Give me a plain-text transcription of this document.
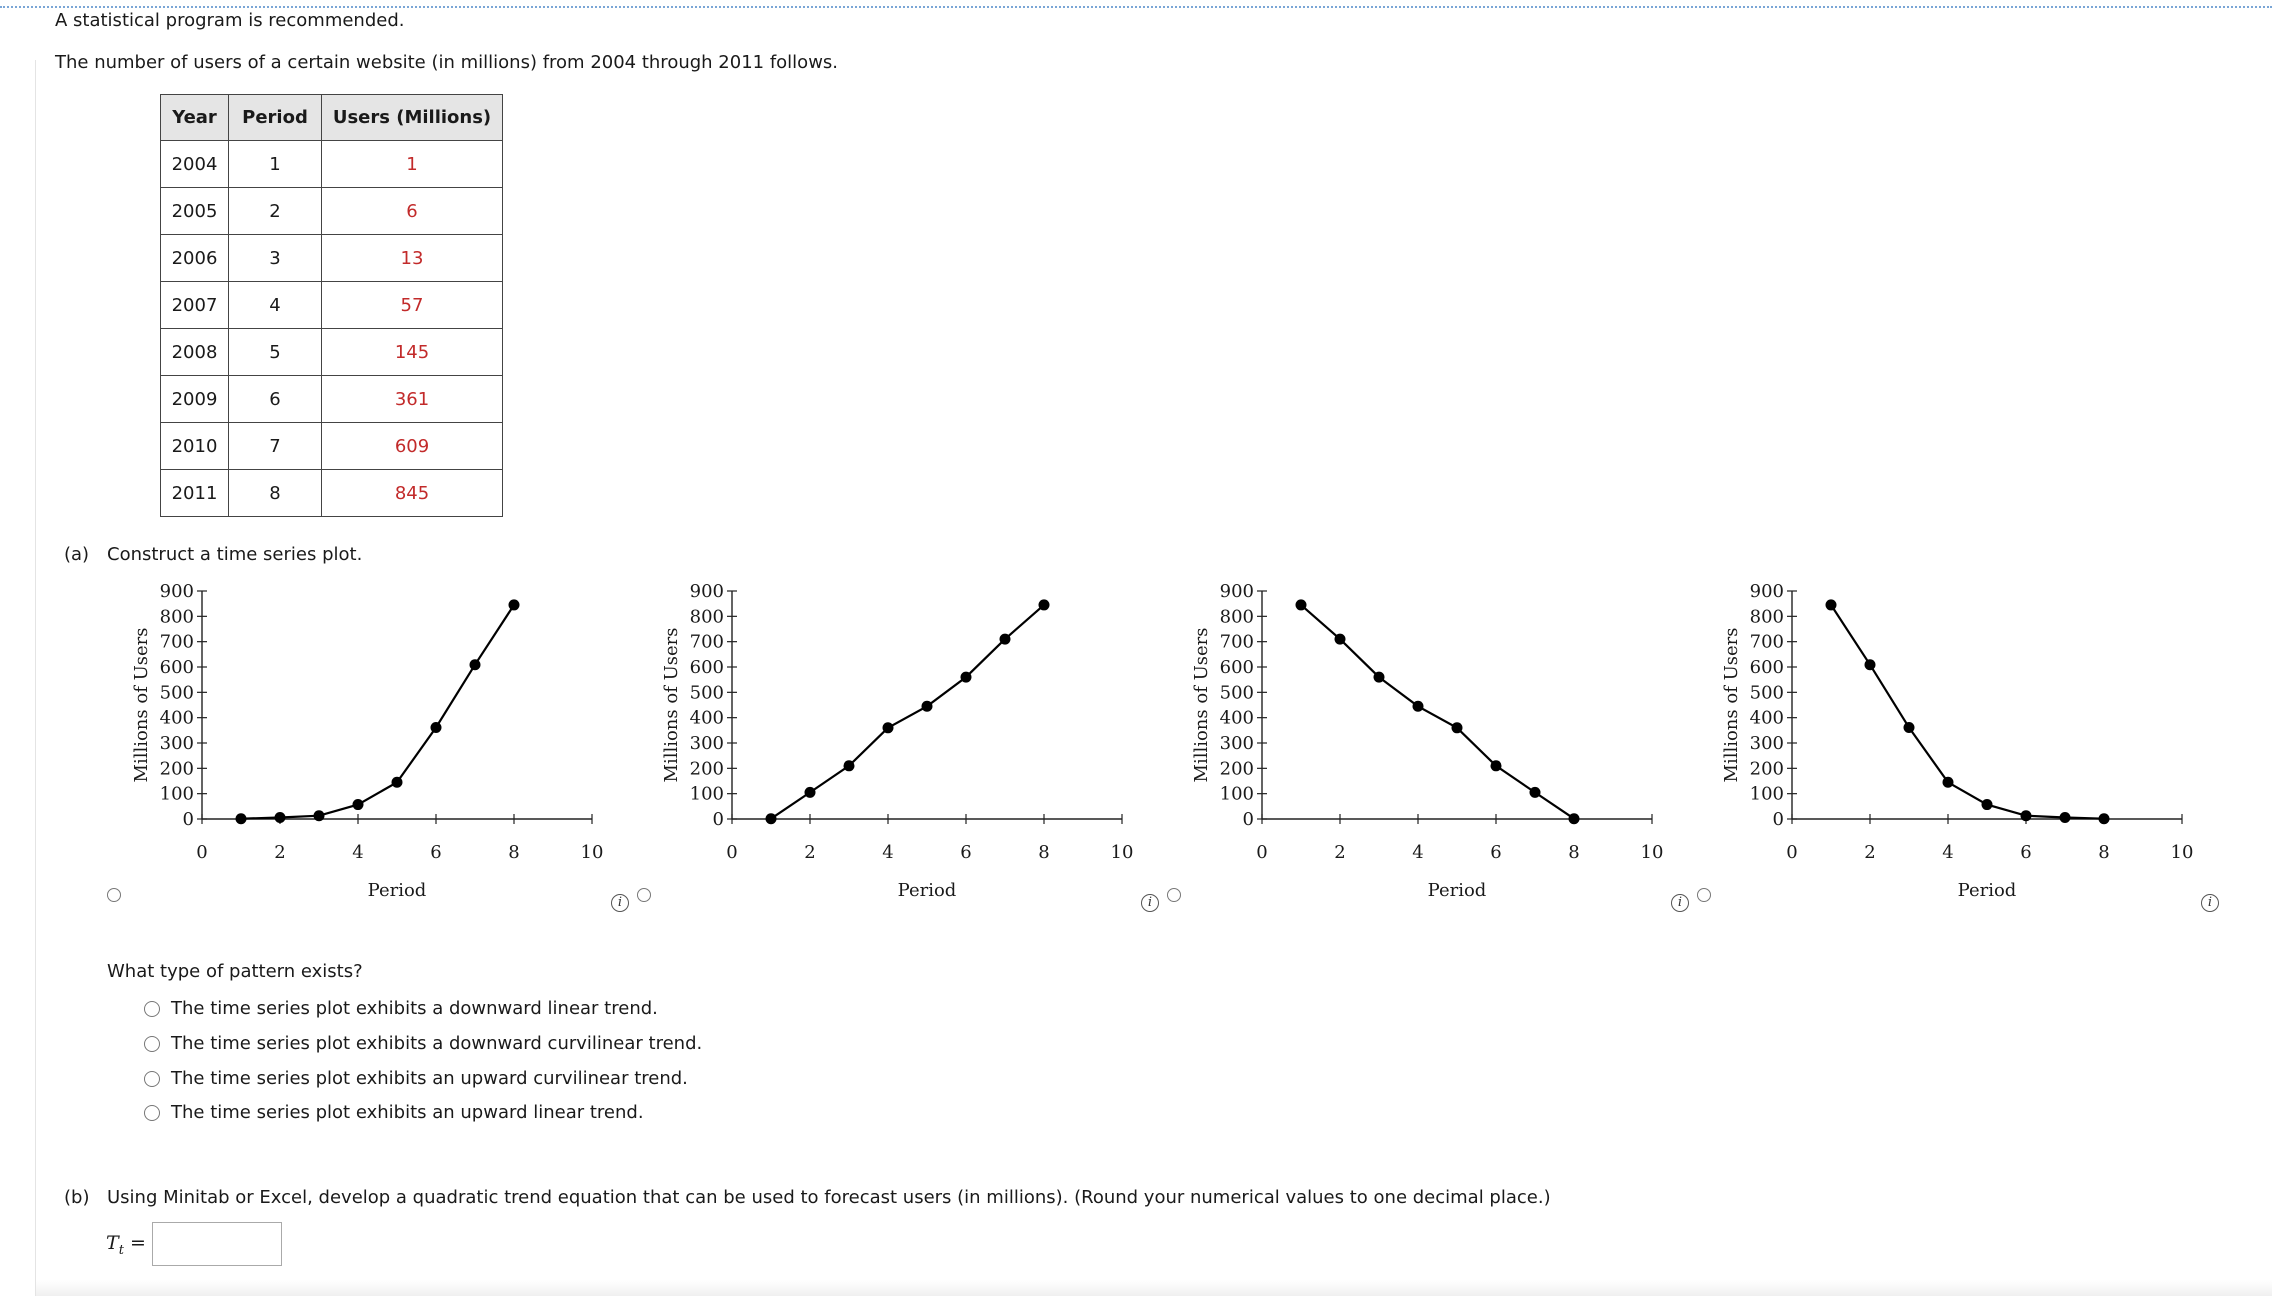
A statistical program is recommended.
The number of users of a certain website (in millions) from 2004 through 2011 follows.
Year	Period	Users (Millions)
2004	1	1
2005	2	6
2006	3	13
2007	4	57
2008	5	145
2009	6	361
2010	7	609
2011	8	845
(a) Construct a time series plot.
0
100
200
300
400
500
600
700
800
900
0	2	4	6	8	10
Period
Millions of Users
0
100
200
300
400
500
600
700
800
900
0	2	4	6	8	10
Period
Millions of Users
0
100
200
300
400
500
600
700
800
900
0	2	4	6	8	10
Period
Millions of Users
0
100
200
300
400
500
600
700
800
900
0	2	4	6	8	10
Period
Millions of Users
i	i	i	i
What type of pattern exists?
The time series plot exhibits a downward linear trend.
The time series plot exhibits a downward curvilinear trend.
The time series plot exhibits an upward curvilinear trend.
The time series plot exhibits an upward linear trend.
(b) Using Minitab or Excel, develop a quadratic trend equation that can be used to forecast users (in millions). (Round your numerical values to one decimal place.)
$T_t$ =
